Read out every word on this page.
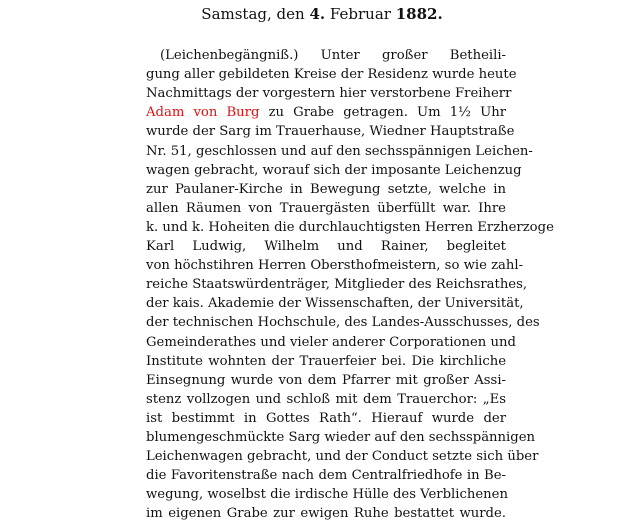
Samstag, den 4. Februar 1882.
(Leichenbegängniß.) Unter großer Betheili-
gung aller gebildeten Kreise der Residenz wurde heute
Nachmittags der vorgestern hier verstorbene Freiherr
Adam von Burg zu Grabe getragen. Um 1½ Uhr
wurde der Sarg im Trauerhause, Wiedner Hauptstraße
Nr. 51, geschlossen und auf den sechsspännigen Leichen-
wagen gebracht, worauf sich der imposante Leichenzug
zur Paulaner-Kirche in Bewegung setzte, welche in
allen Räumen von Trauergästen überfüllt war. Ihre
k. und k. Hoheiten die durchlauchtigsten Herren Erzherzoge
Karl Ludwig, Wilhelm und Rainer, begleitet
von höchstihren Herren Obersthofmeistern, so wie zahl-
reiche Staatswürdenträger, Mitglieder des Reichsrathes,
der kais. Akademie der Wissenschaften, der Universität,
der technischen Hochschule, des Landes-Ausschusses, des
Gemeinderathes und vieler anderer Corporationen und
Institute wohnten der Trauerfeier bei. Die kirchliche
Einsegnung wurde von dem Pfarrer mit großer Assi-
stenz vollzogen und schloß mit dem Trauerchor: „Es
ist bestimmt in Gottes Rath“. Hierauf wurde der
blumengeschmückte Sarg wieder auf den sechsspännigen
Leichenwagen gebracht, und der Conduct setzte sich über
die Favoritenstraße nach dem Centralfriedhofe in Be-
wegung, woselbst die irdische Hülle des Verblichenen
im eigenen Grabe zur ewigen Ruhe bestattet wurde.
